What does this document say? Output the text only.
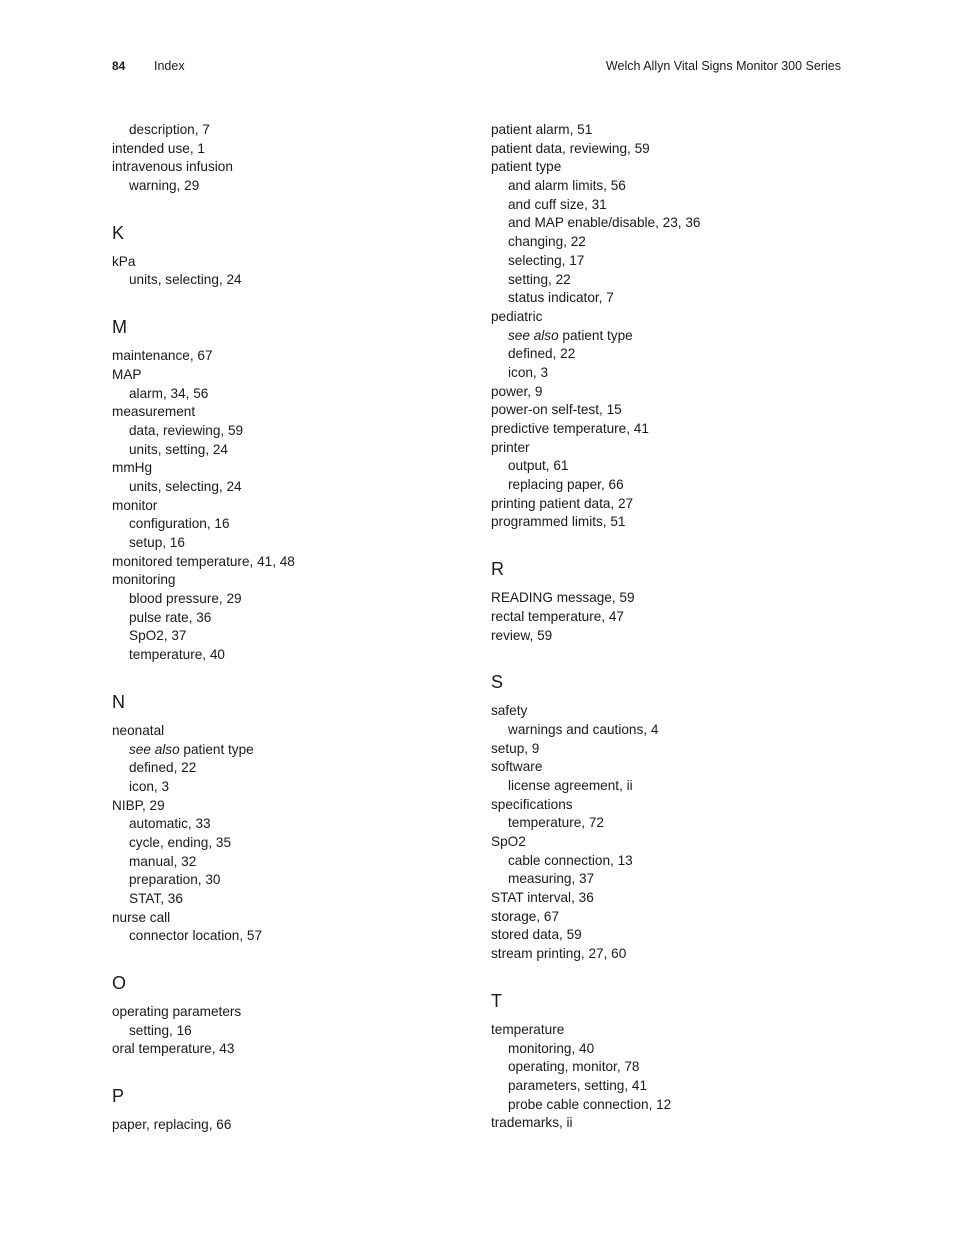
84 Index	Welch Allyn Vital Signs Monitor 300 Series
description, 7
intended use, 1
intravenous infusion
warning, 29
K
kPa
units, selecting, 24
M
maintenance, 67
MAP
alarm, 34, 56
measurement
data, reviewing, 59
units, setting, 24
mmHg
units, selecting, 24
monitor
configuration, 16
setup, 16
monitored temperature, 41, 48
monitoring
blood pressure, 29
pulse rate, 36
SpO2, 37
temperature, 40
N
neonatal
see also patient type
defined, 22
icon, 3
NIBP, 29
automatic, 33
cycle, ending, 35
manual, 32
preparation, 30
STAT, 36
nurse call
connector location, 57
O
operating parameters
setting, 16
oral temperature, 43
P
paper, replacing, 66
patient alarm, 51
patient data, reviewing, 59
patient type
and alarm limits, 56
and cuff size, 31
and MAP enable/disable, 23, 36
changing, 22
selecting, 17
setting, 22
status indicator, 7
pediatric
see also patient type
defined, 22
icon, 3
power, 9
power-on self-test, 15
predictive temperature, 41
printer
output, 61
replacing paper, 66
printing patient data, 27
programmed limits, 51
R
READING message, 59
rectal temperature, 47
review, 59
S
safety
warnings and cautions, 4
setup, 9
software
license agreement, ii
specifications
temperature, 72
SpO2
cable connection, 13
measuring, 37
STAT interval, 36
storage, 67
stored data, 59
stream printing, 27, 60
T
temperature
monitoring, 40
operating, monitor, 78
parameters, setting, 41
probe cable connection, 12
trademarks, ii
